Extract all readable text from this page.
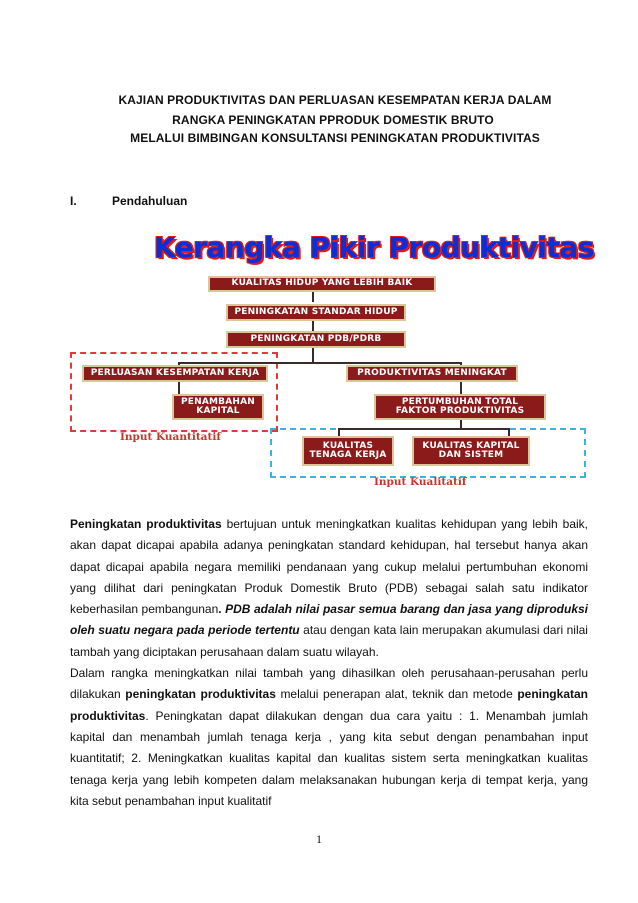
KAJIAN PRODUKTIVITAS DAN PERLUASAN KESEMPATAN KERJA DALAM
RANGKA PENINGKATAN PPRODUK DOMESTIK BRUTO
MELALUI BIMBINGAN KONSULTANSI PENINGKATAN PRODUKTIVITAS
I.	Pendahuluan
Kerangka Pikir Produktivitas
KUALITAS HIDUP YANG LEBIH BAIK
PENINGKATAN STANDAR HIDUP
PENINGKATAN PDB/PDRB
PERLUASAN KESEMPATAN KERJA	PRODUKTIVITAS MENINGKAT
PENAMBAHAN
KAPITAL
PERTUMBUHAN TOTAL
FAKTOR PRODUKTIVITAS
KUALITAS
TENAGA KERJA
KUALITAS KAPITAL
DAN SISTEM
Input Kuantitatif
Input Kualitatif

Peningkatan produktivitas bertujuan untuk meningkatkan kualitas kehidupan yang lebih baik, akan dapat dicapai apabila adanya peningkatan standard kehidupan, hal tersebut hanya akan dapat dicapai apabila negara memiliki pendanaan yang cukup melalui pertumbuhan ekonomi yang dilihat dari peningkatan Produk Domestik Bruto (PDB) sebagai salah satu indikator keberhasilan pembangunan. PDB adalah nilai pasar semua barang dan jasa yang diproduksi oleh suatu negara pada periode tertentu atau dengan kata lain merupakan akumulasi dari nilai tambah yang diciptakan perusahaan dalam suatu wilayah.

Dalam rangka meningkatkan nilai tambah yang dihasilkan oleh perusahaan-perusahan perlu dilakukan peningkatan produktivitas melalui penerapan alat, teknik dan metode peningkatan produktivitas. Peningkatan dapat dilakukan dengan dua cara yaitu : 1. Menambah jumlah kapital dan menambah jumlah tenaga kerja , yang kita sebut dengan penambahan input kuantitatif; 2. Meningkatkan kualitas kapital dan kualitas sistem serta meningkatkan kualitas tenaga kerja yang lebih kompeten dalam melaksanakan hubungan kerja di tempat kerja, yang kita sebut penambahan input kualitatif

1
